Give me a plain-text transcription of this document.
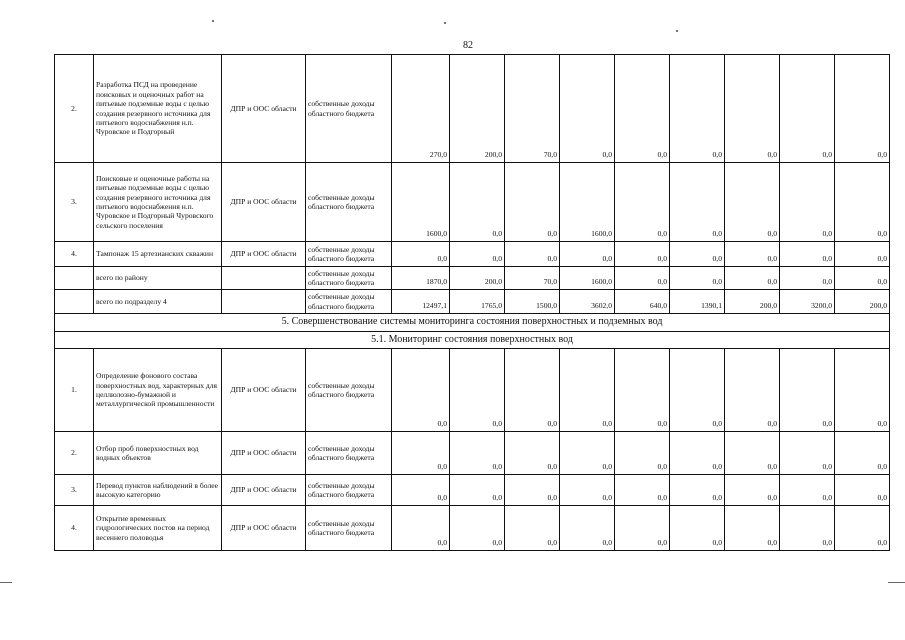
82
2.	Разработка ПСД на проведение поисковых и оценочных работ на питьевые подземные воды с целью создания резервного источника для питьевого водоснабжения н.п. Чуровское и Подгорный	ДПР и ООС области	собственные доходы областного бюджета	270,0	200,0	70,0	0,0	0,0	0,0	0,0	0,0	0,0
3.	Поисковые и оценочные работы на питьевые подземные воды с целью создания резервного источника для питьевого водоснабжения н.п. Чуровское и Подгорный Чуровского сельского поселения	ДПР и ООС области	собственные доходы областного бюджета	1600,0	0,0	0,0	1600,0	0,0	0,0	0,0	0,0	0,0
4.	Тампонаж 15 артезианских скважин	ДПР и ООС области	собственные доходы областного бюджета	0,0	0,0	0,0	0,0	0,0	0,0	0,0	0,0	0,0
	всего по району		собственные доходы областного бюджета	1870,0	200,0	70,0	1600,0	0,0	0,0	0,0	0,0	0,0
	всего по подразделу 4		собственные доходы областного бюджета	12497,1	1765,0	1500,0	3602,0	640,0	1390,1	200,0	3200,0	200,0
5. Совершенствование системы мониторинга состояния поверхностных и подземных вод												
5.1. Мониторинг состояния поверхностных вод												
1.	Определение фонового состава поверхностных вод, характерных для целлюлозно-бумажной и металлургической промышленности	ДПР и ООС области	собственные доходы областного бюджета	0,0	0,0	0,0	0,0	0,0	0,0	0,0	0,0	0,0
2.	Отбор проб поверхностных вод водных объектов	ДПР и ООС области	собственные доходы областного бюджета	0,0	0,0	0,0	0,0	0,0	0,0	0,0	0,0	0,0
3.	Перевод пунктов наблюдений в более высокую категорию	ДПР и ООС области	собственные доходы областного бюджета	0,0	0,0	0,0	0,0	0,0	0,0	0,0	0,0	0,0
4.	Открытие временных гидрологических постов на период весеннего половодья	ДПР и ООС области	собственные доходы областного бюджета	0,0	0,0	0,0	0,0	0,0	0,0	0,0	0,0	0,0
